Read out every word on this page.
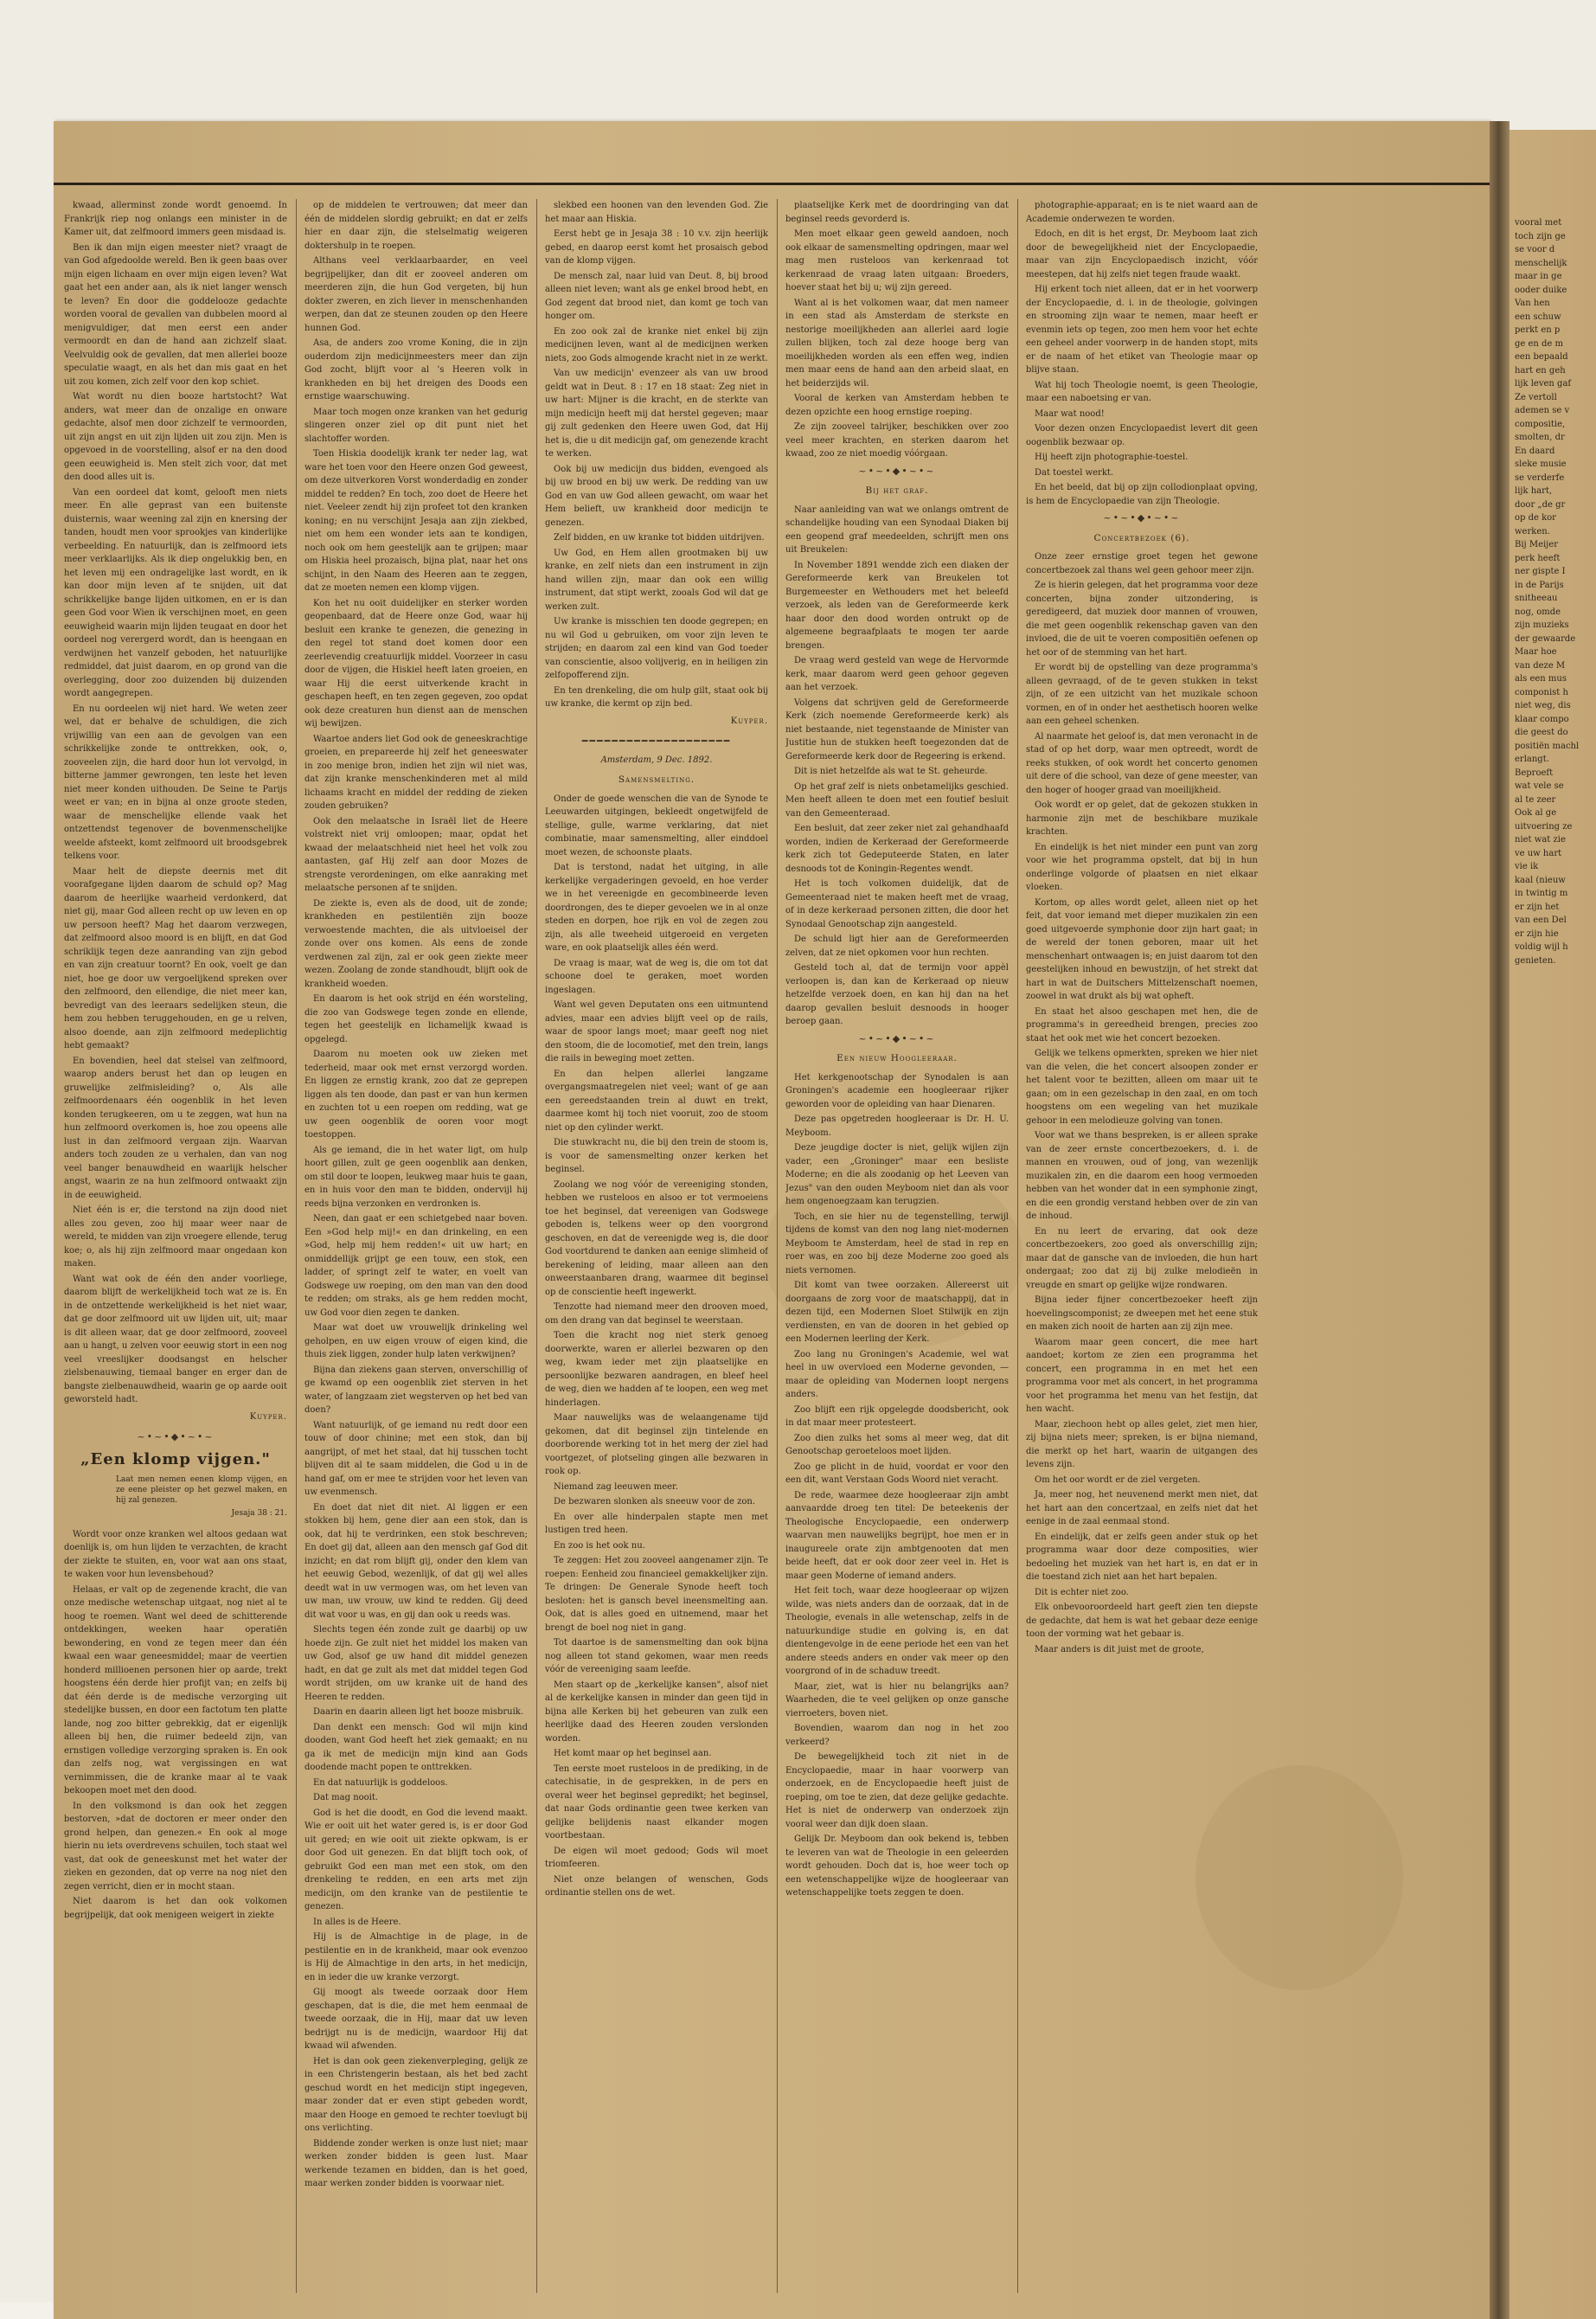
kwaad, allerminst zonde wordt genoemd. In Frankrijk riep nog onlangs een minister in de Kamer uit, dat zelfmoord immers geen misdaad is.

Ben ik dan mijn eigen meester niet? vraagt de van God afgedoolde wereld. Ben ik geen baas over mijn eigen lichaam en over mijn eigen leven? Wat gaat het een ander aan, als ik niet langer wensch te leven? En door die goddelooze gedachte worden vooral de gevallen van dubbelen moord al menigvuldiger, dat men eerst een ander vermoordt en dan de hand aan zichzelf slaat. Veelvuldig ook de gevallen, dat men allerlei booze speculatie waagt, en als het dan mis gaat en het uit zou komen, zich zelf voor den kop schiet.

Wat wordt nu dien booze hartstocht? Wat anders, wat meer dan de onzalige en onware gedachte, alsof men door zichzelf te vermoorden, uit zijn angst en uit zijn lijden uit zou zijn. Men is opgevoed in de voorstelling, alsof er na den dood geen eeuwigheid is. Men stelt zich voor, dat met den dood alles uit is.

Van een oordeel dat komt, gelooft men niets meer. En alle geprast van een buitenste duisternis, waar weening zal zijn en knersing der tanden, houdt men voor sprookjes van kinderlijke verbeelding. En natuurlijk, dan is zelfmoord iets meer verklaarlijks. Als ik diep ongelukkig ben, en het leven mij een ondragelijke last wordt, en ik kan door mijn leven af te snijden, uit dat schrikkelijke bange lijden uitkomen, en er is dan geen God voor Wien ik verschijnen moet, en geen eeuwigheid waarin mijn lijden teugaat en door het oordeel nog verergerd wordt, dan is heengaan en verdwijnen het vanzelf geboden, het natuurlijke redmiddel, dat juist daarom, en op grond van die overlegging, door zoo duizenden bij duizenden wordt aangegrepen.

En nu oordeelen wij niet hard. We weten zeer wel, dat er behalve de schuldigen, die zich vrijwillig van een aan de gevolgen van een schrikkelijke zonde te onttrekken, ook, o, zooveelen zijn, die hard door hun lot vervolgd, in bitterne jammer gewrongen, ten leste het leven niet meer konden uithouden. De Seine te Parijs weet er van; en in bijna al onze groote steden, waar de menschelijke ellende vaak het ontzettendst tegenover de bovenmenschelijke weelde afsteekt, komt zelfmoord uit broodsgebrek telkens voor.

Maar helt de diepste deernis met dit voorafgegane lijden daarom de schuld op? Mag daarom de heerlijke waarheid verdonkerd, dat niet gij, maar God alleen recht op uw leven en op uw persoon heeft? Mag het daarom verzwegen, dat zelfmoord alsoo moord is en blijft, en dat God schriklijk tegen deze aanranding van zijn gebod en van zijn creatuur toornt? En ook, voelt ge dan niet, hoe ge door uw vergoelijkend spreken over den zelfmoord, den ellendige, die niet meer kan, bevredigt van des leeraars sedelijken steun, die hem zou hebben teruggehouden, en ge u relven, alsoo doende, aan zijn zelfmoord medeplichtig hebt gemaakt?

En bovendien, heel dat stelsel van zelfmoord, waarop anders berust het dan op leugen en gruwelijke zelfmisleiding? o, Als alle zelfmoordenaars één oogenblik in het leven konden terugkeeren, om u te zeggen, wat hun na hun zelfmoord overkomen is, hoe zou opeens alle lust in dan zelfmoord vergaan zijn. Waarvan anders toch zouden ze u verhalen, dan van nog veel banger benauwdheid en waarlijk helscher angst, waarin ze na hun zelfmoord ontwaakt zijn in de eeuwigheid.

Niet één is er, die terstond na zijn dood niet alles zou geven, zoo hij maar weer naar de wereld, te midden van zijn vroegere ellende, terug koe; o, als hij zijn zelfmoord maar ongedaan kon maken.

Want wat ook de één den ander voorliege, daarom blijft de werkelijkheid toch wat ze is. En in de ontzettende werkelijkheid is het niet waar, dat ge door zelfmoord uit uw lijden uit, uit; maar is dit alleen waar, dat ge door zelfmoord, zooveel aan u hangt, u zelven voor eeuwig stort in een nog veel vreeslijker doodsangst en helscher zielsbenauwing, tiemaal banger en erger dan de bangste zielbenauwdheid, waarin ge op aarde ooit geworsteld hadt.

Kuyper.
~•~•◆•~•~
„Een klomp vijgen."
Laat men nemen eenen klomp vijgen, en ze eene pleister op het gezwel maken, en hij zal genezen.
Jesaja 38 : 21.

Wordt voor onze kranken wel altoos gedaan wat doenlijk is, om hun lijden te verzachten, de kracht der ziekte te stuiten, en, voor wat aan ons staat, te waken voor hun levensbehoud?

Helaas, er valt op de zegenende kracht, die van onze medische wetenschap uitgaat, nog niet al te hoog te roemen. Want wel deed de schitterende ontdekkingen, weeken haar operatiën bewondering, en vond ze tegen meer dan één kwaal een waar geneesmiddel; maar de veertien honderd millioenen personen hier op aarde, trekt hoogstens één derde hier profijt van; en zelfs bij dat één derde is de medische verzorging uit stedelijke bussen, en door een factotum ten platte lande, nog zoo bitter gebrekkig, dat er eigenlijk alleen bij hen, die ruimer bedeeld zijn, van ernstigen volledige verzorging spraken is. En ook dan zelfs nog, wat vergissingen en wat vernimmissen, die de kranke maar al te vaak bekoopen moet met den dood.

In den volksmond is dan ook het zeggen bestorven, »dat de doctoren er meer onder den grond helpen, dan genezen.« En ook al moge hierin nu iets overdrevens schuilen, toch staat wel vast, dat ook de geneeskunst met het water der zieken en gezonden, dat op verre na nog niet den zegen verricht, dien er in mocht staan.

Niet daarom is het dan ook volkomen begrijpelijk, dat ook menigeen weigert in ziekte

op de middelen te vertrouwen; dat meer dan één de middelen slordig gebruikt; en dat er zelfs hier en daar zijn, die stelselmatig weigeren doktershulp in te roepen.

Althans veel verklaarbaarder, en veel begrijpelijker, dan dit er zooveel anderen om meerderen zijn, die hun God vergeten, bij hun dokter zweren, en zich liever in menschenhanden werpen, dan dat ze steunen zouden op den Heere hunnen God.

Asa, de anders zoo vrome Koning, die in zijn ouderdom zijn medicijnmeesters meer dan zijn God zocht, blijft voor al 's Heeren volk in krankheden en bij het dreigen des Doods een ernstige waarschuwing.

Maar toch mogen onze kranken van het gedurig slingeren onzer ziel op dit punt niet het slachtoffer worden.

Toen Hiskia doodelijk krank ter neder lag, wat ware het toen voor den Heere onzen God geweest, om deze uitverkoren Vorst wonderdadig en zonder middel te redden? En toch, zoo doet de Heere het niet. Veeleer zendt hij zijn profeet tot den kranken koning; en nu verschijnt Jesaja aan zijn ziekbed, niet om hem een wonder iets aan te kondigen, noch ook om hem geestelijk aan te grijpen; maar om Hiskia heel prozaisch, bijna plat, naar het ons schijnt, in den Naam des Heeren aan te zeggen, dat ze moeten nemen een klomp vijgen.

Kon het nu ooit duidelijker en sterker worden geopenbaard, dat de Heere onze God, waar hij besluit een kranke te genezen, die genezing in den regel tot stand doet komen door een zeerlevendig creatuurlijk middel. Voorzeer in casu door de vijgen, die Hiskiel heeft laten groeien, en waar Hij die eerst uitverkende kracht in geschapen heeft, en ten zegen gegeven, zoo opdat ook deze creaturen hun dienst aan de menschen wij bewijzen.

Waartoe anders liet God ook de geneeskrachtige groeien, en prepareerde hij zelf het geneeswater in zoo menige bron, indien het zijn wil niet was, dat zijn kranke menschenkinderen met al mild lichaams kracht en middel der redding de zieken zouden gebruiken?

Ook den melaatsche in Israël liet de Heere volstrekt niet vrij omloopen; maar, opdat het kwaad der melaatschheid niet heel het volk zou aantasten, gaf Hij zelf aan door Mozes de strengste verordeningen, om elke aanraking met melaatsche personen af te snijden.

De ziekte is, even als de dood, uit de zonde; krankheden en pestilentiën zijn booze verwoestende machten, die als uitvloeisel der zonde over ons komen. Als eens de zonde verdwenen zal zijn, zal er ook geen ziekte meer wezen. Zoolang de zonde standhoudt, blijft ook de krankheid woeden.

En daarom is het ook strijd en één worsteling, die zoo van Godswege tegen zonde en ellende, tegen het geestelijk en lichamelijk kwaad is opgelegd.

Daarom nu moeten ook uw zieken met tederheid, maar ook met ernst verzorgd worden. En liggen ze ernstig krank, zoo dat ze geprepen liggen als ten doode, dan past er van hun kermen en zuchten tot u een roepen om redding, wat ge uw geen oogenblik de ooren voor mogt toestoppen.

Als ge iemand, die in het water ligt, om hulp hoort gillen, zult ge geen oogenblik aan denken, om stil door te loopen, leukweg maar huis te gaan, en in huis voor den man te bidden, ondervijl hij reeds bijna verzonken en verdronken is.

Neen, dan gaat er een schietgebed naar boven. Een »God help mij!« en dan drinkeling, en een »God, help mij hem redden!« uit uw hart; en onmiddellijk grijpt ge een touw, een stok, een ladder, of springt zelf te water, en voelt van Godswege uw roeping, om den man van den dood te redden; om straks, als ge hem redden mocht, uw God voor dien zegen te danken.

Maar wat doet uw vrouwelijk drinkeling wel geholpen, en uw eigen vrouw of eigen kind, die thuis ziek liggen, zonder hulp laten verkwijnen?

Bijna dan ziekens gaan sterven, onverschillig of ge kwamd op een oogenblik ziet sterven in het water, of langzaam ziet wegsterven op het bed van doen?

Want natuurlijk, of ge iemand nu redt door een touw of door chinine; met een stok, dan bij aangrijpt, of met het staal, dat hij tusschen tocht blijven dit al te saam middelen, die God u in de hand gaf, om er mee te strijden voor het leven van uw evenmensch.

En doet dat niet dit niet. Al liggen er een stokken bij hem, gene dier aan een stok, dan is ook, dat hij te verdrinken, een stok beschreven; En doet gij dat, alleen aan den mensch gaf God dit inzicht; en dat rom blijft gij, onder den klem van het eeuwig Gebod, wezenlijk, of dat gij wel alles deedt wat in uw vermogen was, om het leven van uw man, uw vrouw, uw kind te redden. Gij deed dit wat voor u was, en gij dan ook u reeds was.

Slechts tegen één zonde zult ge daarbij op uw hoede zijn. Ge zult niet het middel los maken van uw God, alsof ge uw hand dit middel genezen hadt, en dat ge zult als met dat middel tegen God wordt strijden, om uw kranke uit de hand des Heeren te redden.

Daarin en daarin alleen ligt het booze misbruik.

Dan denkt een mensch: God wil mijn kind dooden, want God heeft het ziek gemaakt; en nu ga ik met de medicijn mijn kind aan Gods doodende macht popen te onttrekken.

En dat natuurlijk is goddeloos.

Dat mag nooit.

God is het die doodt, en God die levend maakt. Wie er ooit uit het water gered is, is er door God uit gered; en wie ooit uit ziekte opkwam, is er door God uit genezen. En dat blijft toch ook, of gebruikt God een man met een stok, om den drenkeling te redden, en een arts met zijn medicijn, om den kranke van de pestilentie te genezen.

In alles is de Heere.

Hij is de Almachtige in de plage, in de pestilentie en in de krankheid, maar ook evenzoo is Hij de Almachtige in den arts, in het medicijn, en in ieder die uw kranke verzorgt.

Gij moogt als tweede oorzaak door Hem geschapen, dat is die, die met hem eenmaal de tweede oorzaak, die in Hij, maar dat uw leven bedrijgt nu is de medicijn, waardoor Hij dat kwaad wil afwenden.

Het is dan ook geen ziekenverpleging, gelijk ze in een Christengerin bestaan, als het bed zacht geschud wordt en het medicijn stipt ingegeven, maar zonder dat er even stipt gebeden wordt, maar den Hooge en gemoed te rechter toevlugt bij ons verlichting.

Biddende zonder werken is onze lust niet; maar werken zonder bidden is geen lust. Maar werkende tezamen en bidden, dan is het goed, maar werken zonder bidden is voorwaar niet.

slekbed een hoonen van den levenden God. Zie het maar aan Hiskia.

Eerst hebt ge in Jesaja 38 : 10 v.v. zijn heerlijk gebed, en daarop eerst komt het prosaisch gebod van de klomp vijgen.

De mensch zal, naar luid van Deut. 8, bij brood alleen niet leven; want als ge enkel brood hebt, en God zegent dat brood niet, dan komt ge toch van honger om.

En zoo ook zal de kranke niet enkel bij zijn medicijnen leven, want al de medicijnen werken niets, zoo Gods almogende kracht niet in ze werkt.

Van uw medicijn' evenzeer als van uw brood geldt wat in Deut. 8 : 17 en 18 staat: Zeg niet in uw hart: Mijner is die kracht, en de sterkte van mijn medicijn heeft mij dat herstel gegeven; maar gij zult gedenken den Heere uwen God, dat Hij het is, die u dit medicijn gaf, om genezende kracht te werken.

Ook bij uw medicijn dus bidden, evengoed als bij uw brood en bij uw werk. De redding van uw God en van uw God alleen gewacht, om waar het Hem belieft, uw krankheid door medicijn te genezen.

Zelf bidden, en uw kranke tot bidden uitdrijven.

Uw God, en Hem allen grootmaken bij uw kranke, en zelf niets dan een instrument in zijn hand willen zijn, maar dan ook een willig instrument, dat stipt werkt, zooals God wil dat ge werken zult.

Uw kranke is misschien ten doode gegrepen; en nu wil God u gebruiken, om voor zijn leven te strijden; en daarom zal een kind van God toeder van conscientie, alsoo volijverig, en in heiligen zin zelfopofferend zijn.

En ten drenkeling, die om hulp gilt, staat ook bij uw kranke, die kermt op zijn bed.

Kuyper.
━━━━━━━━━━━━━━━━━━━━
Amsterdam, 9 Dec. 1892.
Samensmelting.

Onder de goede wenschen die van de Synode te Leeuwarden uitgingen, bekleedt ongetwijfeld de stellige, gulle, warme verklaring, dat niet combinatie, maar samensmelting, aller einddoel moet wezen, de schoonste plaats.

Dat is terstond, nadat het uitging, in alle kerkelijke vergaderingen gevoeld, en hoe verder we in het vereenigde en gecombineerde leven doordrongen, des te dieper gevoelen we in al onze steden en dorpen, hoe rijk en vol de zegen zou zijn, als alle tweeheid uitgeroeid en vergeten ware, en ook plaatselijk alles één werd.

De vraag is maar, wat de weg is, die om tot dat schoone doel te geraken, moet worden ingeslagen.

Want wel geven Deputaten ons een uitmuntend advies, maar een advies blijft veel op de rails, waar de spoor langs moet; maar geeft nog niet den stoom, die de locomotief, met den trein, langs die rails in beweging moet zetten.

En dan helpen allerlei langzame overgangsmaatregelen niet veel; want of ge aan een gereedstaanden trein al duwt en trekt, daarmee komt hij toch niet vooruit, zoo de stoom niet op den cylinder werkt.

Die stuwkracht nu, die bij den trein de stoom is, is voor de samensmelting onzer kerken het beginsel.

Zoolang we nog vóór de vereeniging stonden, hebben we rusteloos en alsoo er tot vermoeiens toe het beginsel, dat vereenigen van Godswege geboden is, telkens weer op den voorgrond geschoven, en dat de vereenigde weg is, die door God voortdurend te danken aan eenige slimheid of berekening of leiding, maar alleen aan den onweerstaanbaren drang, waarmee dit beginsel op de conscientie heeft ingewerkt.

Tenzotte had niemand meer den drooven moed, om den drang van dat beginsel te weerstaan.

Toen die kracht nog niet sterk genoeg doorwerkte, waren er allerlei bezwaren op den weg, kwam ieder met zijn plaatselijke en persoonlijke bezwaren aandragen, en bleef heel de weg, dien we hadden af te loopen, een weg met hinderlagen.

Maar nauwelijks was de welaangename tijd gekomen, dat dit beginsel zijn tintelende en doorborende werking tot in het merg der ziel had voortgezet, of plotseling gingen alle bezwaren in rook op.

Niemand zag leeuwen meer.

De bezwaren slonken als sneeuw voor de zon.

En over alle hinderpalen stapte men met lustigen tred heen.

En zoo is het ook nu.

Te zeggen: Het zou zooveel aangenamer zijn. Te roepen: Eenheid zou financieel gemakkelijker zijn. Te dringen: De Generale Synode heeft toch besloten: het is gansch bevel ineensmelting aan. Ook, dat is alles goed en uitnemend, maar het brengt de boel nog niet in gang.

Tot daartoe is de samensmelting dan ook bijna nog alleen tot stand gekomen, waar men reeds vóór de vereeniging saam leefde.

Men staart op de „kerkelijke kansen", alsof niet al de kerkelijke kansen in minder dan geen tijd in bijna alle Kerken bij het gebeuren van zulk een heerlijke daad des Heeren zouden verslonden worden.

Het komt maar op het beginsel aan.

Ten eerste moet rusteloos in de prediking, in de catechisatie, in de gesprekken, in de pers en overal weer het beginsel gepredikt; het beginsel, dat naar Gods ordinantie geen twee kerken van gelijke belijdenis naast elkander mogen voortbestaan.

De eigen wil moet gedood; Gods wil moet triomfeeren.

Niet onze belangen of wenschen, Gods ordinantie stellen ons de wet.

plaatselijke Kerk met de doordringing van dat beginsel reeds gevorderd is.

Men moet elkaar geen geweld aandoen, noch ook elkaar de samensmelting opdringen, maar wel mag men rusteloos van kerkenraad tot kerkenraad de vraag laten uitgaan: Broeders, hoever staat het bij u; wij zijn gereed.

Want al is het volkomen waar, dat men nameer in een stad als Amsterdam de sterkste en nestorige moeilijkheden aan allerlei aard logie zullen blijken, toch zal deze hooge berg van moeilijkheden worden als een effen weg, indien men maar eens de hand aan den arbeid slaat, en het beiderzijds wil.

Vooral de kerken van Amsterdam hebben te dezen opzichte een hoog ernstige roeping.

Ze zijn zooveel talrijker, beschikken over zoo veel meer krachten, en sterken daarom het kwaad, zoo ze niet moedig vóórgaan.

~•~•◆•~•~
Bij het graf.

Naar aanleiding van wat we onlangs omtrent de schandelijke houding van een Synodaal Diaken bij een geopend graf meedeelden, schrijft men ons uit Breukelen:

In November 1891 wendde zich een diaken der Gereformeerde kerk van Breukelen tot Burgemeester en Wethouders met het beleefd verzoek, als leden van de Gereformeerde kerk haar door den dood worden ontrukt op de algemeene begraafplaats te mogen ter aarde brengen.

De vraag werd gesteld van wege de Hervormde kerk, maar daarom werd geen gehoor gegeven aan het verzoek.

Volgens dat schrijven geld de Gereformeerde Kerk (zich noemende Gereformeerde kerk) als niet bestaande, niet tegenstaande de Minister van Justitie hun de stukken heeft toegezonden dat de Gereformeerde kerk door de Regeering is erkend.

Dit is niet hetzelfde als wat te St. geheurde.

Op het graf zelf is niets onbetamelijks geschied. Men heeft alleen te doen met een foutief besluit van den Gemeenteraad.

Een besluit, dat zeer zeker niet zal gehandhaafd worden, indien de Kerkeraad der Gereformeerde kerk zich tot Gedeputeerde Staten, en later desnoods tot de Koningin-Regentes wendt.

Het is toch volkomen duidelijk, dat de Gemeenteraad niet te maken heeft met de vraag, of in deze kerkeraad personen zitten, die door het Synodaal Genootschap zijn aangesteld.

De schuld ligt hier aan de Gereformeerden zelven, dat ze niet opkomen voor hun rechten.

Gesteld toch al, dat de termijn voor appèl verloopen is, dan kan de Kerkeraad op nieuw hetzelfde verzoek doen, en kan hij dan na het daarop gevallen besluit desnoods in hooger beroep gaan.

~•~•◆•~•~
Een nieuw Hoogleeraar.

Het kerkgenootschap der Synodalen is aan Groningen's academie een hoogleeraar rijker geworden voor de opleiding van haar Dienaren.

Deze pas opgetreden hoogleeraar is Dr. H. U. Meyboom.

Deze jeugdige docter is niet, gelijk wijlen zijn vader, een „Groninger" maar een besliste Moderne; en die als zoodanig op het Leeven van Jezus" van den ouden Meyboom niet dan als voor hem ongenoegzaam kan terugzien.

Toch, en sie hier nu de tegenstelling, terwijl tijdens de komst van den nog lang niet-modernen Meyboom te Amsterdam, heel de stad in rep en roer was, en zoo bij deze Moderne zoo goed als niets vernomen.

Dit komt van twee oorzaken. Allereerst uit doorgaans de zorg voor de maatschappij, dat in dezen tijd, een Modernen Sloet Stilwijk en zijn verdiensten, en van de dooren in het gebied op een Modernen leerling der Kerk.

Zoo lang nu Groningen's Academie, wel wat heel in uw overvloed een Moderne gevonden, — maar de opleiding van Modernen loopt nergens anders.

Zoo blijft een rijk opgelegde doodsbericht, ook in dat maar meer protesteert.

Zoo dien zulks het soms al meer weg, dat dit Genootschap geroeteloos moet lijden.

Zoo ge plicht in de huid, voordat er voor den een dit, want Verstaan Gods Woord niet veracht.

De rede, waarmee deze hoogleeraar zijn ambt aanvaardde droeg ten titel: De beteekenis der Theologische Encyclopaedie, een onderwerp waarvan men nauwelijks begrijpt, hoe men er in inaugureele orate zijn ambtgenooten dat men beide heeft, dat er ook door zeer veel in. Het is maar geen Moderne of iemand anders.

Het feit toch, waar deze hoogleeraar op wijzen wilde, was niets anders dan de oorzaak, dat in de Theologie, evenals in alle wetenschap, zelfs in de natuurkundige studie en golving is, en dat dientengevolge in de eene periode het een van het andere steeds anders en onder vak meer op den voorgrond of in de schaduw treedt.

Maar, ziet, wat is hier nu belangrijks aan? Waarheden, die te veel gelijken op onze gansche vierroeters, boven niet.

Bovendien, waarom dan nog in het zoo verkeerd?

De bewegelijkheid toch zit niet in de Encyclopaedie, maar in haar voorwerp van onderzoek, en de Encyclopaedie heeft juist de roeping, om toe te zien, dat deze gelijke gedachte. Het is niet de onderwerp van onderzoek zijn vooral weer dan dijk doen slaan.

Gelijk Dr. Meyboom dan ook bekend is, tebben te leveren van wat de Theologie in een geleerden wordt gehouden. Doch dat is, hoe weer toch op een wetenschappelijke wijze de hoogleeraar van wetenschappelijke toets zeggen te doen.

photographie-apparaat; en is te niet waard aan de Academie onderwezen te worden.

Edoch, en dit is het ergst, Dr. Meyboom laat zich door de bewegelijkheid niet der Encyclopaedie, maar van zijn Encyclopaedisch inzicht, vóór meestepen, dat hij zelfs niet tegen fraude waakt.

Hij erkent toch niet alleen, dat er in het voorwerp der Encyclopaedie, d. i. in de theologie, golvingen en strooming zijn waar te nemen, maar heeft er evenmin iets op tegen, zoo men hem voor het echte een geheel ander voorwerp in de handen stopt, mits er de naam of het etiket van Theologie maar op blijve staan.

Wat hij toch Theologie noemt, is geen Theologie, maar een naboetsing er van.

Maar wat nood!

Voor dezen onzen Encyclopaedist levert dit geen oogenblik bezwaar op.

Hij heeft zijn photographie-toestel.

Dat toestel werkt.

En het beeld, dat bij op zijn collodionplaat opving, is hem de Encyclopaedie van zijn Theologie.

~•~•◆•~•~
Concertbezoek (6).

Onze zeer ernstige groet tegen het gewone concertbezoek zal thans wel geen gehoor meer zijn.

Ze is hierin gelegen, dat het programma voor deze concerten, bijna zonder uitzondering, is geredigeerd, dat muziek door mannen of vrouwen, die met geen oogenblik rekenschap gaven van den invloed, die de uit te voeren compositiën oefenen op het oor of de stemming van het hart.

Er wordt bij de opstelling van deze programma's alleen gevraagd, of de te geven stukken in tekst zijn, of ze een uitzicht van het muzikale schoon vormen, en of in onder het aesthetisch hooren welke aan een geheel schenken.

Al naarmate het geloof is, dat men veronacht in de stad of op het dorp, waar men optreedt, wordt de reeks stukken, of ook wordt het concerto genomen uit dere of die school, van deze of gene meester, van den hoger of hooger graad van moeilijkheid.

Ook wordt er op gelet, dat de gekozen stukken in harmonie zijn met de beschikbare muzikale krachten.

En eindelijk is het niet minder een punt van zorg voor wie het programma opstelt, dat bij in hun onderlinge volgorde of plaatsen en niet elkaar vloeken.

Kortom, op alles wordt gelet, alleen niet op het feit, dat voor iemand met dieper muzikalen zin een goed uitgevoerde symphonie door zijn hart gaat; in de wereld der tonen geboren, maar uit het menschenhart ontwaagen is; en juist daarom tot den geestelijken inhoud en bewustzijn, of het strekt dat hart in wat de Duitschers Mittelzenschaft noemen, zoowel in wat drukt als bij wat opheft.

En staat het alsoo geschapen met hen, die de programma's in gereedheid brengen, precies zoo staat het ook met wie het concert bezoeken.

Gelijk we telkens opmerkten, spreken we hier niet van die velen, die het concert alsoopen zonder er het talent voor te bezitten, alleen om maar uit te gaan; om in een gezelschap in den zaal, en om toch hoogstens om een wegeling van het muzikale gehoor in een melodieuze golving van tonen.

Voor wat we thans bespreken, is er alleen sprake van de zeer ernste concertbezoekers, d. i. de mannen en vrouwen, oud of jong, van wezenlijk muzikalen zin, en die daarom een hoog vermoeden hebben van het wonder dat in een symphonie zingt, en die een grondig verstand hebben over de zin van de inhoud.

En nu leert de ervaring, dat ook deze concertbezoekers, zoo goed als onverschillig zijn; maar dat de gansche van de invloeden, die hun hart ondergaat; zoo dat zij bij zulke melodieën in vreugde en smart op gelijke wijze rondwaren.

Bijna ieder fijner concertbezoeker heeft zijn hoevelingscomponist; ze dweepen met het eene stuk en maken zich nooit de harten aan zij zijn mee.

Waarom maar geen concert, die mee hart aandoet; kortom ze zien een programma het concert, een programma in en met het een programma voor met als concert, in het programma voor het programma het menu van het festijn, dat hen wacht.

Maar, ziechoon hebt op alles gelet, ziet men hier, zij bijna niets meer; spreken, is er bijna niemand, die merkt op het hart, waarin de uitgangen des levens zijn.

Om het oor wordt er de ziel vergeten.

Ja, meer nog, het neuvenend merkt men niet, dat het hart aan den concertzaal, en zelfs niet dat het eenige in de zaal eenmaal stond.

En eindelijk, dat er zelfs geen ander stuk op het programma waar door deze composities, wier bedoeling het muziek van het hart is, en dat er in die toestand zich niet aan het hart bepalen.

Dit is echter niet zoo.

Elk onbevooroordeeld hart geeft zien ten diepste de gedachte, dat hem is wat het gebaar deze eenige toon der vorming wat het gebaar is.

Maar anders is dit juist met de groote,

vooral met
toch zijn ge
se voor d
menschelijk
maar in ge
ooder duike
Van hen
een schuw
perkt en p
ge en de m
een bepaald
hart en geh
lijk leven gaf
Ze vertoll
ademen se v
compositie,
smolten, dr
En daard
sleke musie
se verderfe
lijk hart,
door „de gr
op de kor
werken.
Bij Meijer
perk heeft
ner gispte I
in de Parijs
snitheeau
nog, omde
zijn muzieks
der gewaarde
Maar hoe
van deze M
als een mus
componist h
niet weg, dis
klaar compo
die geest do
positiën machl
erlangt.
Beproeft
wat vele se
al te zeer
Ook al ge
uitvoering ze
niet wat zie
ve uw hart
vie ik
kaal (nieuw
in twintig m
er zijn het
van een Del
er zijn hie
voldig wijl h
genieten.
